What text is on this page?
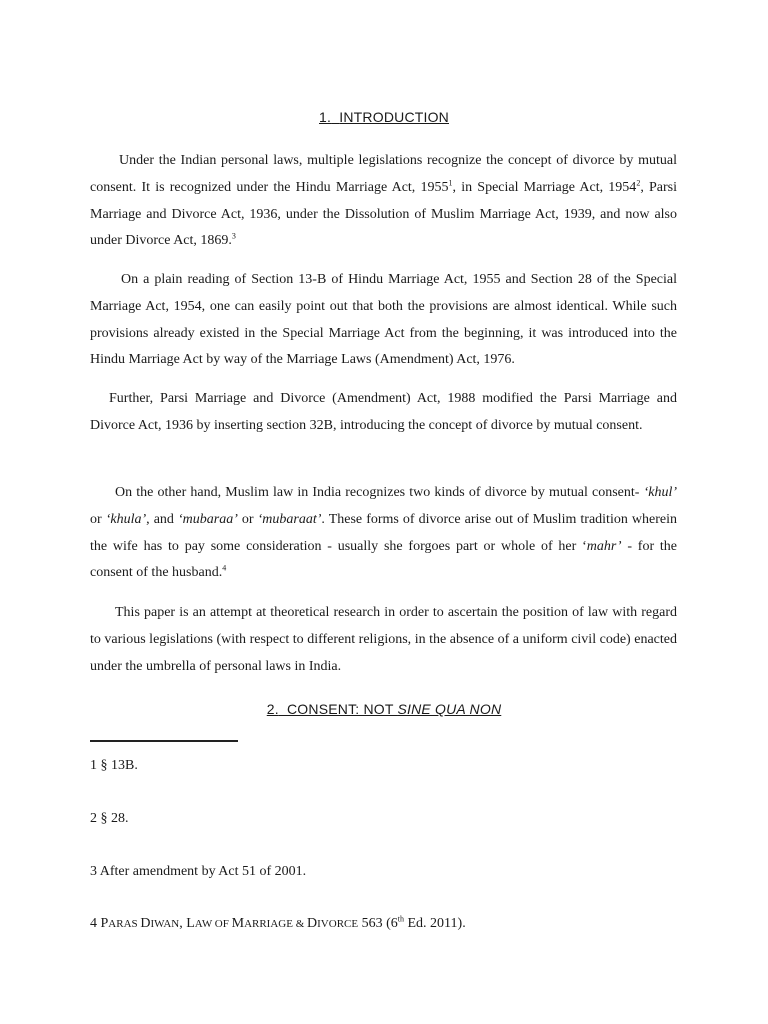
1. INTRODUCTION

Under the Indian personal laws, multiple legislations recognize the concept of divorce by mutual consent. It is recognized under the Hindu Marriage Act, 1955$^1$, in Special Marriage Act, 1954$^2$, Parsi Marriage and Divorce Act, 1936, under the Dissolution of Muslim Marriage Act, 1939, and now also under Divorce Act, 1869.$^3$

On a plain reading of Section 13-B of Hindu Marriage Act, 1955 and Section 28 of the Special Marriage Act, 1954, one can easily point out that both the provisions are almost identical. While such provisions already existed in the Special Marriage Act from the beginning, it was introduced into the Hindu Marriage Act by way of the Marriage Laws (Amendment) Act, 1976.

Further, Parsi Marriage and Divorce (Amendment) Act, 1988 modified the Parsi Marriage and Divorce Act, 1936 by inserting section 32B, introducing the concept of divorce by mutual consent.

On the other hand, Muslim law in India recognizes two kinds of divorce by mutual consent- ‘khul’ or ‘khula’, and ‘mubaraa’ or ‘mubaraat’. These forms of divorce arise out of Muslim tradition wherein the wife has to pay some consideration - usually she forgoes part or whole of her ‘mahr’ - for the consent of the husband.$^4$

This paper is an attempt at theoretical research in order to ascertain the position of law with regard to various legislations (with respect to different religions, in the absence of a uniform civil code) enacted under the umbrella of personal laws in India.

2. CONSENT: NOT SINE QUA NON

1 § 13B.

2 § 28.

3 After amendment by Act 51 of 2001.

4 PARAS DIWAN, LAW OF MARRIAGE & DIVORCE 563 (6th Ed. 2011).
